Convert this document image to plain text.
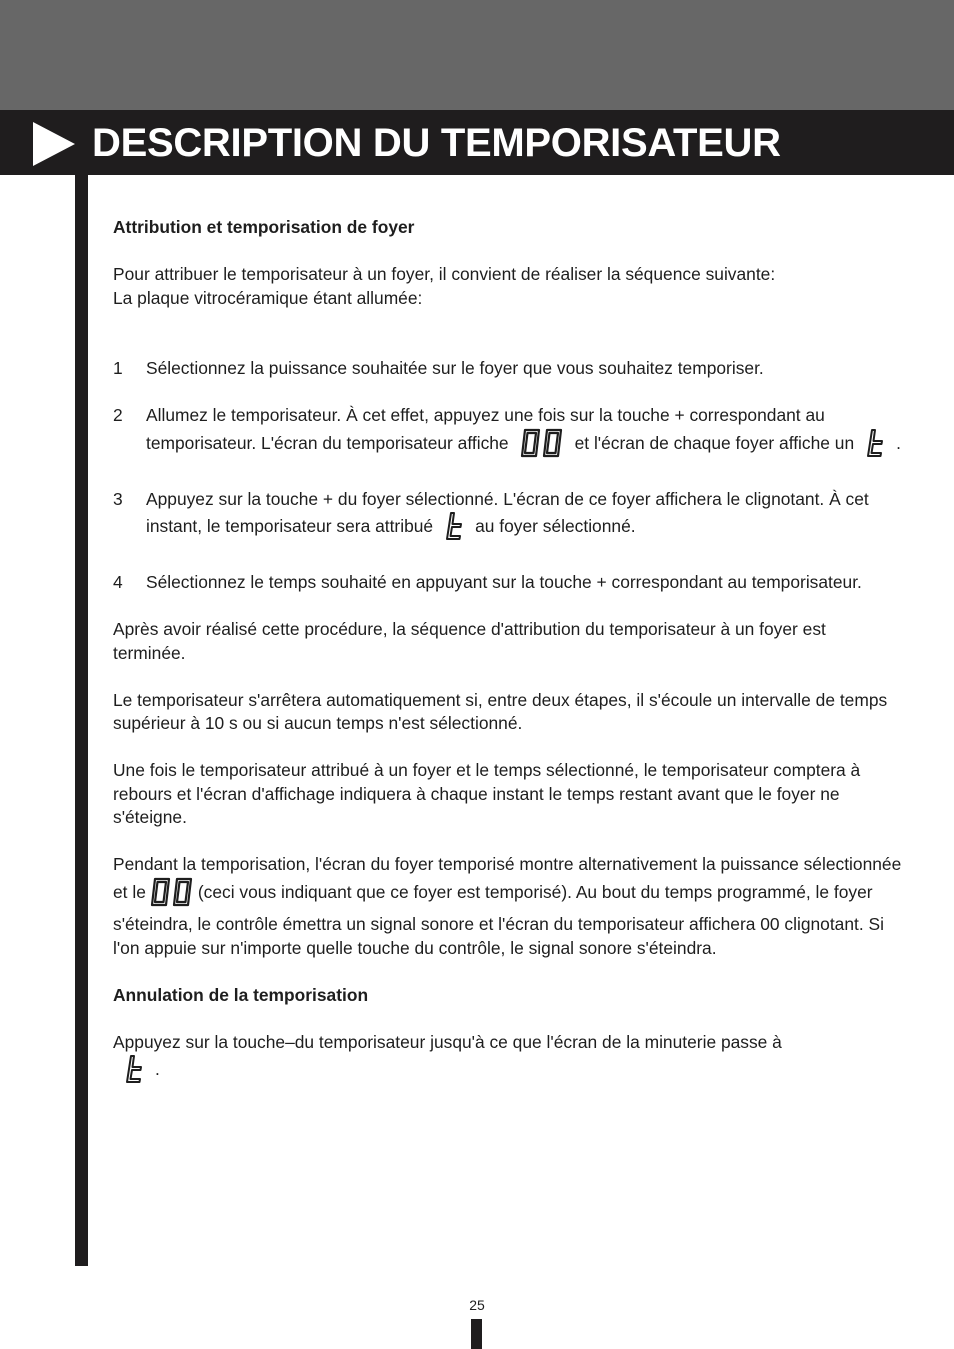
DESCRIPTION DU TEMPORISATEUR

Attribution et temporisation de foyer

Pour attribuer le temporisateur à un foyer, il convient de réaliser la séquence suivante:

La plaque vitrocéramique étant allumée:

1	Sélectionnez la puissance souhaitée sur le foyer que vous souhaitez temporiser.
2	Allumez le temporisateur. À cet effet, appuyez une fois sur la touche + correspondant au temporisateur. L'écran du temporisateur affiche	et l'écran de chaque foyer affiche un .
3	Appuyez sur la touche + du foyer sélectionné. L'écran de ce foyer affichera le clignotant. À cet instant, le temporisateur sera attribué au foyer sélectionné.
4	Sélectionnez le temps souhaité en appuyant sur la touche + correspondant au temporisateur.

Après avoir réalisé cette procédure, la séquence d'attribution du temporisateur à un foyer est terminée.

Le temporisateur s'arrêtera automatiquement si, entre deux étapes, il s'écoule un intervalle de temps supérieur à 10 s ou si aucun temps n'est sélectionné.

Une fois le temporisateur attribué à un foyer et le temps sélectionné, le temporisateur comptera à rebours et l'écran d'affichage indiquera à chaque instant le temps restant avant que le foyer ne s'éteigne.

Pendant la temporisation, l'écran du foyer temporisé montre alternativement la puissance sélectionnée et le	(ceci vous indiquant que ce foyer est temporisé). Au bout du temps programmé, le foyer s'éteindra, le contrôle émettra un signal sonore et l'écran du temporisateur affichera 00 clignotant. Si l'on appuie sur n'importe quelle touche du contrôle, le signal sonore s'éteindra.

Annulation de la temporisation

Appuyez sur la touche–du temporisateur jusqu'à ce que l'écran de la minuterie passe à.

25
